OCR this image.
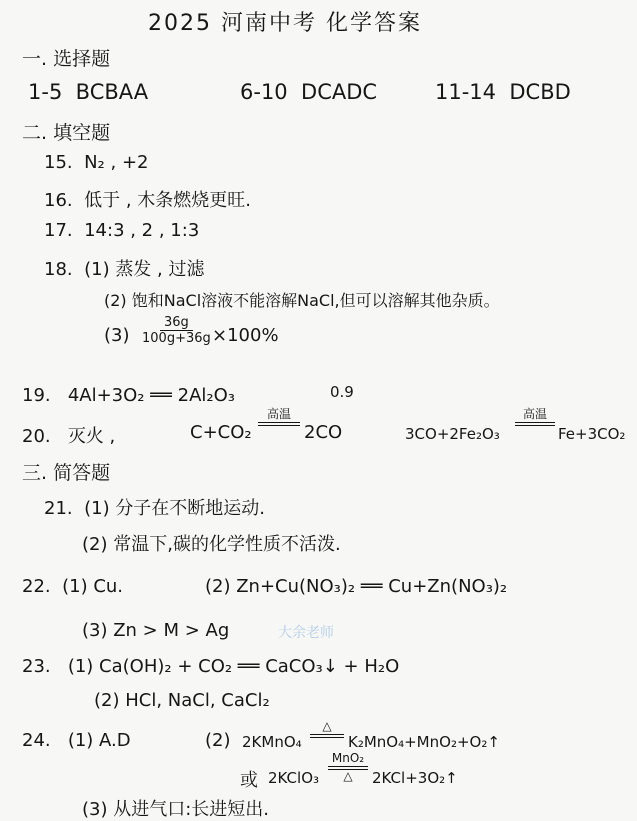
2025 河南中考 化学答案
一. 选择题
1-5 BCBAA	6-10 DCADC	11-14 DCBD
二. 填空题
15. N₂ , +2
16. 低于 , 木条燃烧更旺.
17. 14:3 , 2 , 1:3
18. (1) 蒸发 , 过滤
(2) 饱和NaCl溶液不能溶解NaCl,但可以溶解其他杂质。
$(3) \frac{36g}{100g+36g} \times 100\%$
19. 4Al+3O₂ ══ 2Al₂O₃	0.9
20. 灭火 ,	C+CO₂
高温
2CO	3CO+2Fe₂O₃
高温
Fe+3CO₂
三. 简答题
21. (1) 分子在不断地运动.
(2) 常温下,碳的化学性质不活泼.
22. (1) Cu.	(2) Zn+Cu(NO₃)₂ ══ Cu+Zn(NO₃)₂
(3) Zn > M > Ag	大余老师
23. (1) Ca(OH)₂ + CO₂ ══ CaCO₃↓ + H₂O
(2) HCl, NaCl, CaCl₂
24. (1) A.D	(2) 2KMnO₄
△
K₂MnO₄+MnO₂+O₂↑
或 2KClO₃
MnO₂
△ 2KCl+3O₂↑
(3) 从进气口:长进短出.
